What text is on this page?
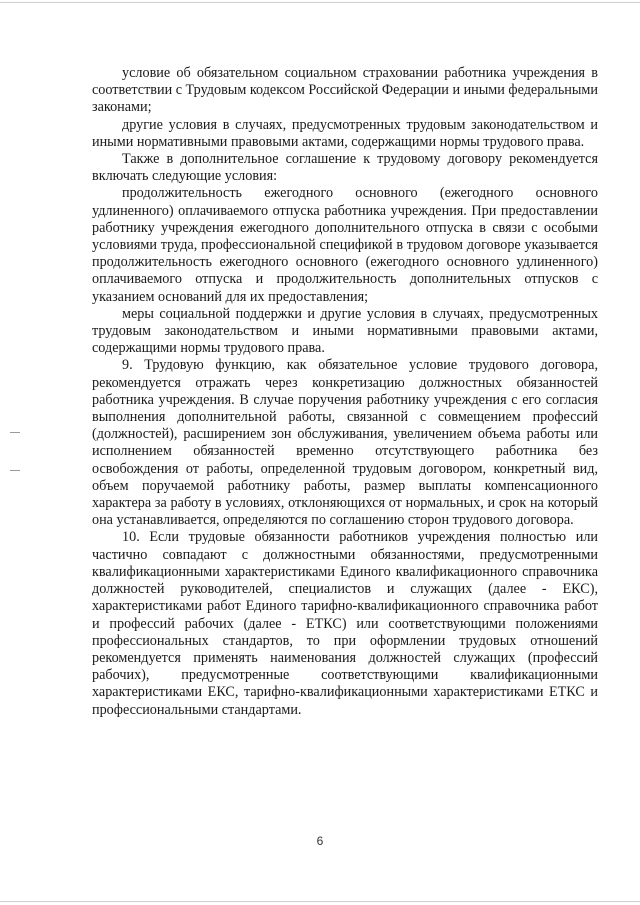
условие об обязательном социальном страховании работника учреждения в соответствии с Трудовым кодексом Российской Федерации и иными федеральными законами;

другие условия в случаях, предусмотренных трудовым законодательством и иными нормативными правовыми актами, содержащими нормы трудового права.

Также в дополнительное соглашение к трудовому договору рекомендуется включать следующие условия:

продолжительность ежегодного основного (ежегодного основного удлиненного) оплачиваемого отпуска работника учреждения. При предоставлении работнику учреждения ежегодного дополнительного отпуска в связи с особыми условиями труда, профессиональной спецификой в трудовом договоре указывается продолжительность ежегодного основного (ежегодного основного удлиненного) оплачиваемого отпуска и продолжительность дополнительных отпусков с указанием оснований для их предоставления;

меры социальной поддержки и другие условия в случаях, предусмотренных трудовым законодательством и иными нормативными правовыми актами, содержащими нормы трудового права.

9. Трудовую функцию, как обязательное условие трудового договора, рекомендуется отражать через конкретизацию должностных обязанностей работника учреждения. В случае поручения работнику учреждения с его согласия выполнения дополнительной работы, связанной с совмещением профессий (должностей), расширением зон обслуживания, увеличением объема работы или исполнением обязанностей временно отсутствующего работника без освобождения от работы, определенной трудовым договором, конкретный вид, объем поручаемой работнику работы, размер выплаты компенсационного характера за работу в условиях, отклоняющихся от нормальных, и срок на который она устанавливается, определяются по соглашению сторон трудового договора.

10. Если трудовые обязанности работников учреждения полностью или частично совпадают с должностными обязанностями, предусмотренными квалификационными характеристиками Единого квалификационного справочника должностей руководителей, специалистов и служащих (далее - ЕКС), характеристиками работ Единого тарифно-квалификационного справочника работ и профессий рабочих (далее - ЕТКС) или соответствующими положениями профессиональных стандартов, то при оформлении трудовых отношений рекомендуется применять наименования должностей служащих (профессий рабочих), предусмотренные соответствующими квалификационными характеристиками ЕКС, тарифно-квалификационными характеристиками ЕТКС и профессиональными стандартами.

6
